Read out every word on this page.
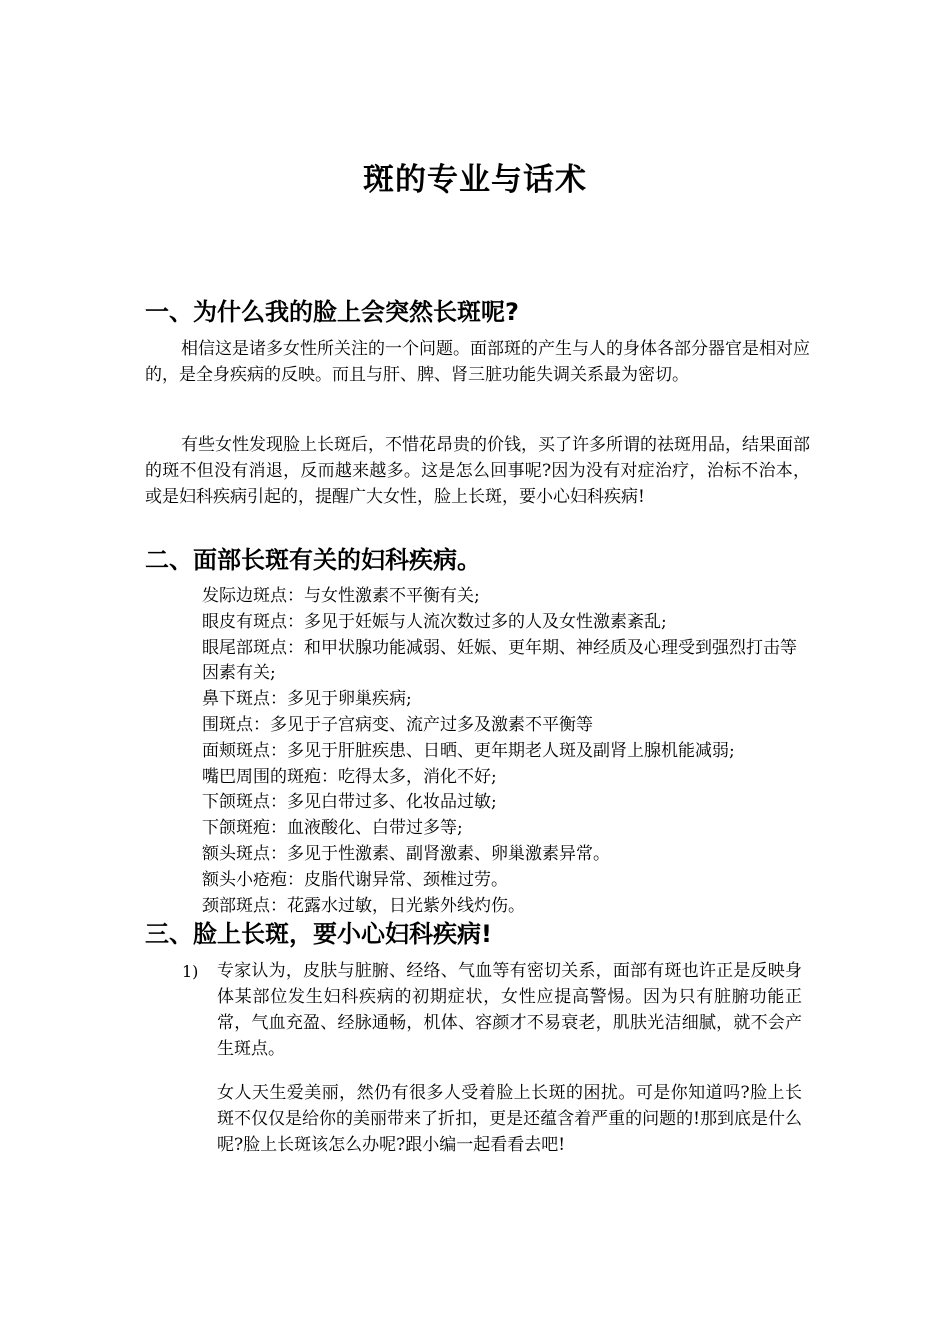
斑的专业与话术
一、为什么我的脸上会突然长斑呢?
相信这是诸多女性所关注的一个问题。面部斑的产生与人的身体各部分器官是相对应的，是全身疾病的反映。而且与肝、脾、肾三脏功能失调关系最为密切。
有些女性发现脸上长斑后，不惜花昂贵的价钱，买了许多所谓的祛斑用品，结果面部的斑不但没有消退，反而越来越多。这是怎么回事呢?因为没有对症治疗，治标不治本，或是妇科疾病引起的，提醒广大女性，脸上长斑，要小心妇科疾病!
二、面部长斑有关的妇科疾病。
发际边斑点：与女性激素不平衡有关;
眼皮有斑点：多见于妊娠与人流次数过多的人及女性激素紊乱;
眼尾部斑点：和甲状腺功能减弱、妊娠、更年期、神经质及心理受到强烈打击等因素有关;
鼻下斑点：多见于卵巢疾病;
围斑点：多见于子宫病变、流产过多及激素不平衡等
面颊斑点：多见于肝脏疾患、日晒、更年期老人斑及副肾上腺机能减弱;
嘴巴周围的斑疱：吃得太多，消化不好;
下颌斑点：多见白带过多、化妆品过敏;
下颌斑疱：血液酸化、白带过多等;
额头斑点：多见于性激素、副肾激素、卵巢激素异常。
额头小疮疱：皮脂代谢异常、颈椎过劳。
颈部斑点：花露水过敏，日光紫外线灼伤。
三、脸上长斑，要小心妇科疾病!
1) 专家认为，皮肤与脏腑、经络、气血等有密切关系，面部有斑也许正是反映身体某部位发生妇科疾病的初期症状，女性应提高警惕。因为只有脏腑功能正常，气血充盈、经脉通畅，机体、容颜才不易衰老，肌肤光洁细腻，就不会产生斑点。
女人天生爱美丽，然仍有很多人受着脸上长斑的困扰。可是你知道吗?脸上长斑不仅仅是给你的美丽带来了折扣，更是还蕴含着严重的问题的!那到底是什么呢?脸上长斑该怎么办呢?跟小编一起看看去吧!
